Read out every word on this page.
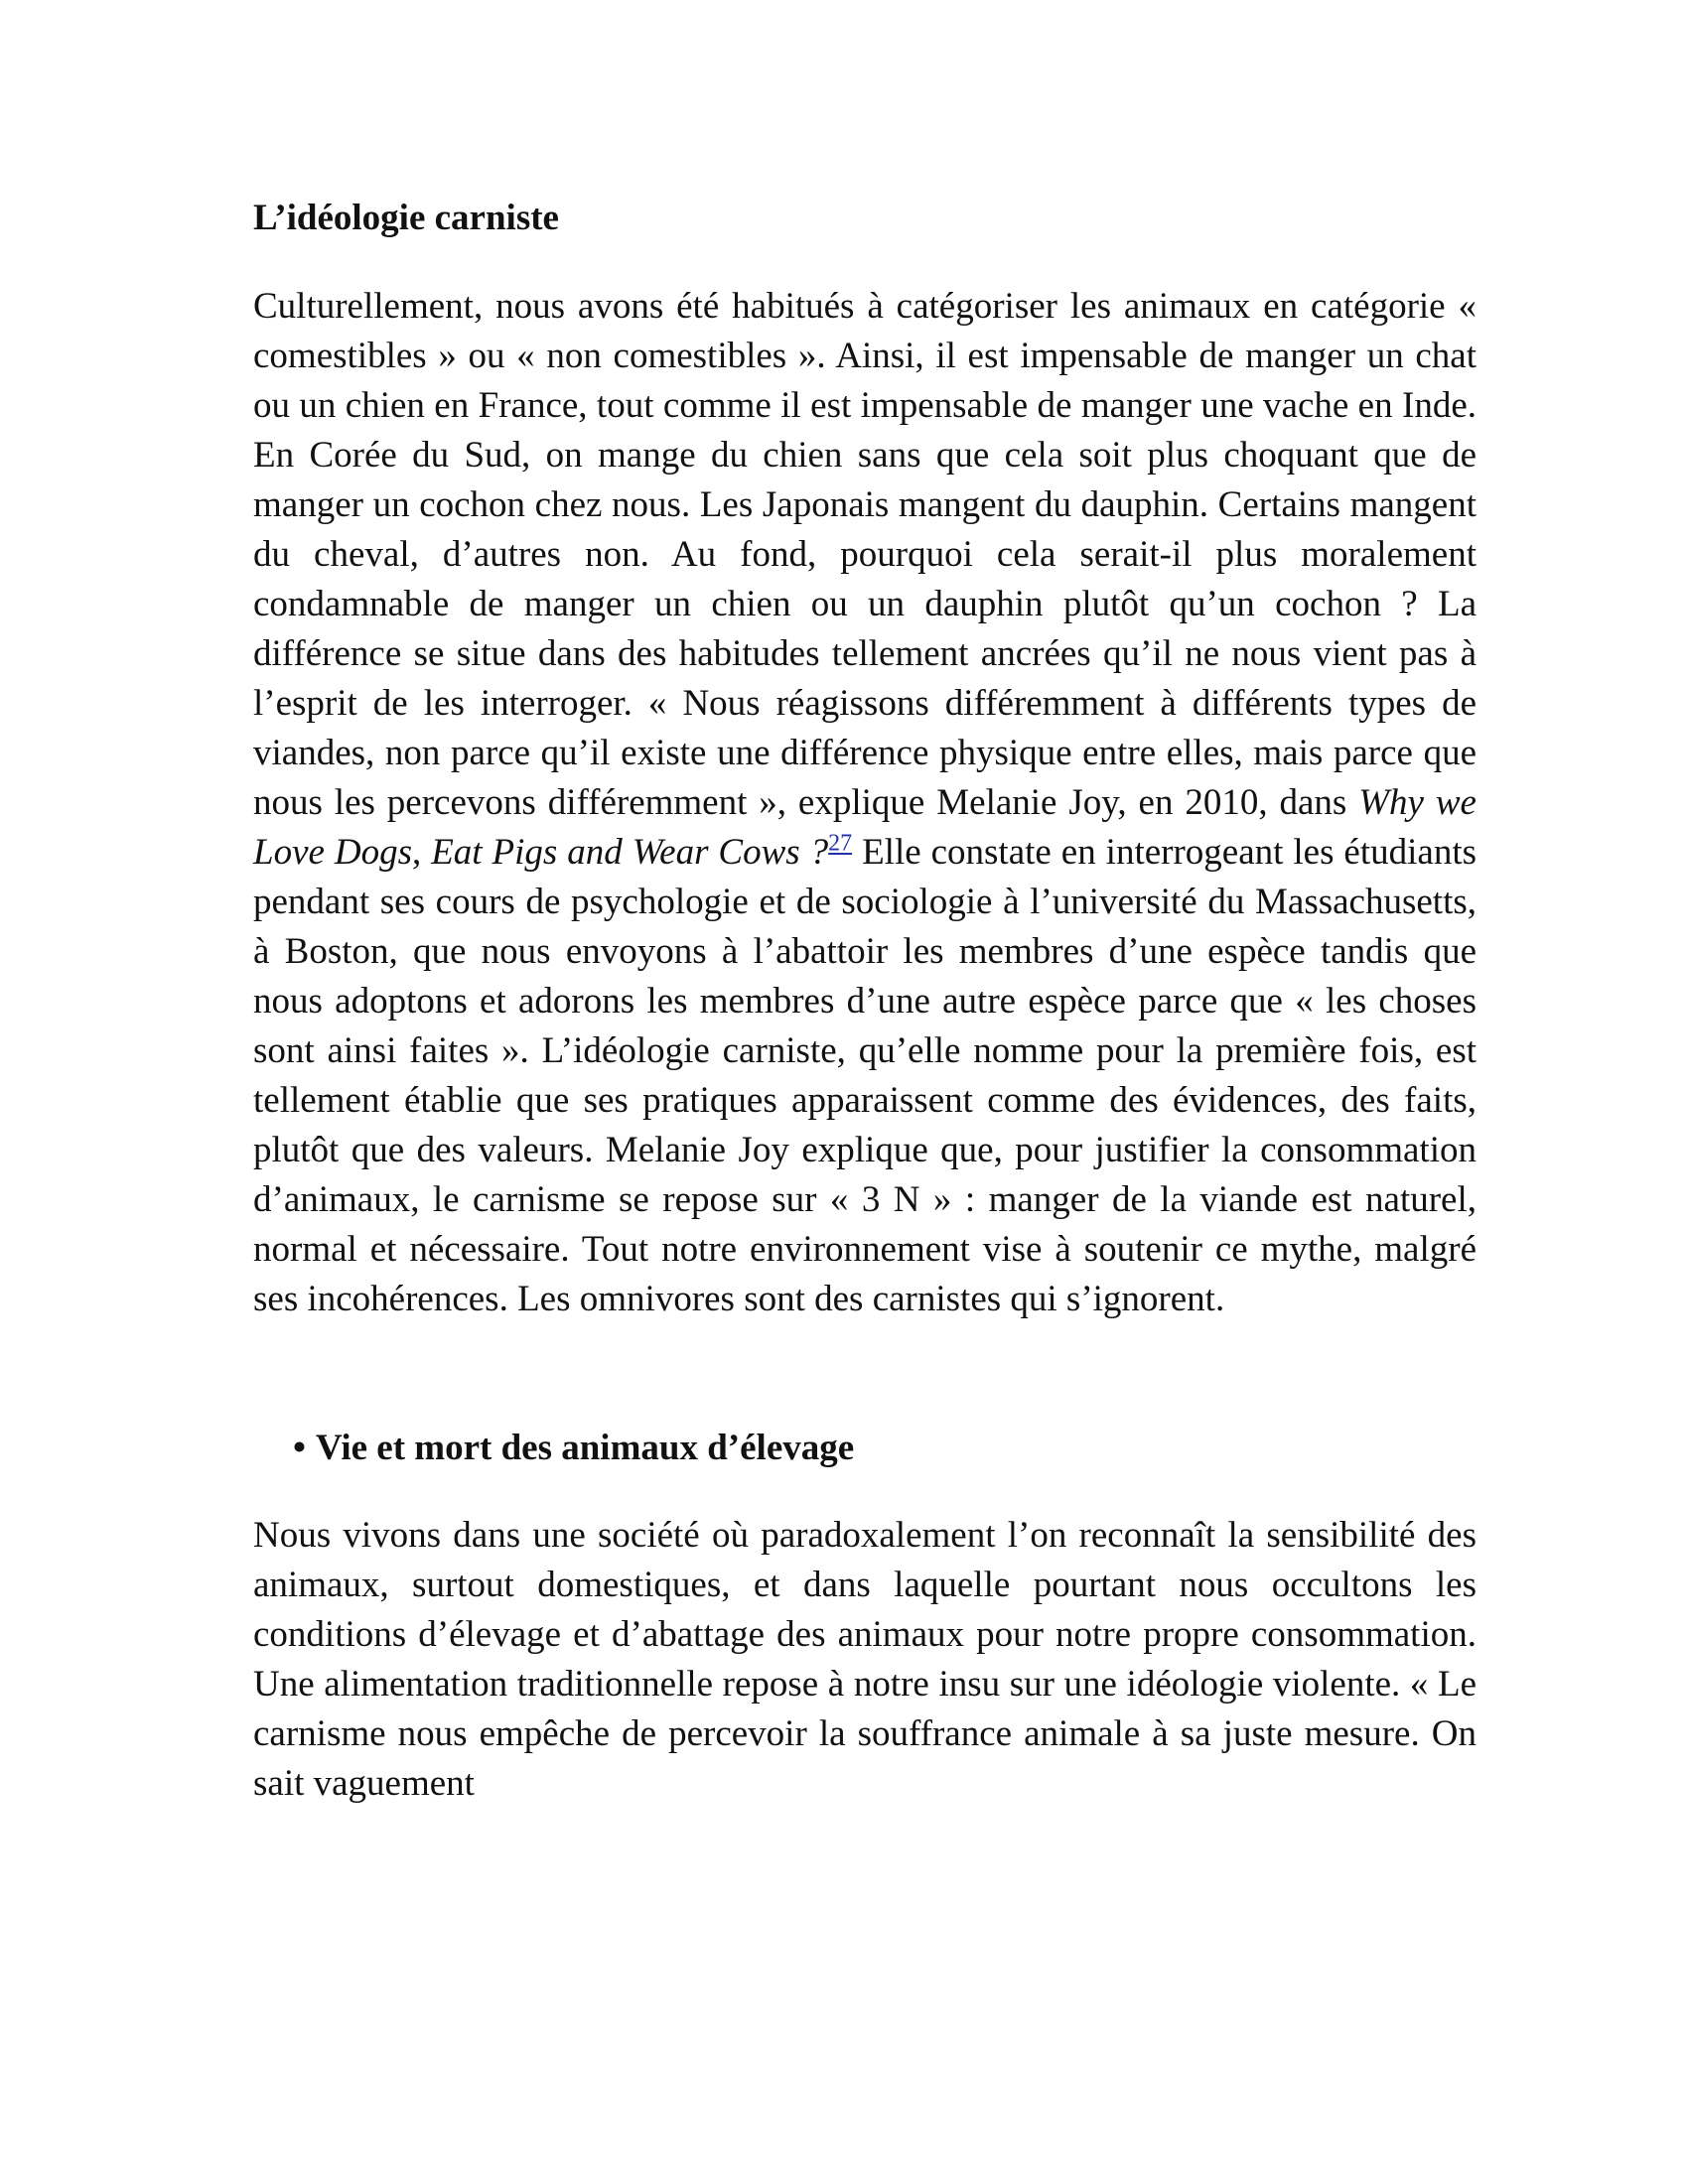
L’idéologie carniste

Culturellement, nous avons été habitués à catégoriser les animaux en catégorie « comestibles » ou « non comestibles ». Ainsi, il est impensable de manger un chat ou un chien en France, tout comme il est impensable de manger une vache en Inde. En Corée du Sud, on mange du chien sans que cela soit plus choquant que de manger un cochon chez nous. Les Japonais mangent du dauphin. Certains mangent du cheval, d’autres non. Au fond, pourquoi cela serait-il plus moralement condamnable de manger un chien ou un dauphin plutôt qu’un cochon ? La différence se situe dans des habitudes tellement ancrées qu’il ne nous vient pas à l’esprit de les interroger. « Nous réagissons différemment à différents types de viandes, non parce qu’il existe une différence physique entre elles, mais parce que nous les percevons différemment », explique Melanie Joy, en 2010, dans Why we Love Dogs, Eat Pigs and Wear Cows ?$^{27}$ Elle constate en interrogeant les étudiants pendant ses cours de psychologie et de sociologie à l’université du Massachusetts, à Boston, que nous envoyons à l’abattoir les membres d’une espèce tandis que nous adoptons et adorons les membres d’une autre espèce parce que « les choses sont ainsi faites ». L’idéologie carniste, qu’elle nomme pour la première fois, est tellement établie que ses pratiques apparaissent comme des évidences, des faits, plutôt que des valeurs. Melanie Joy explique que, pour justifier la consommation d’animaux, le carnisme se repose sur « 3 N » : manger de la viande est naturel, normal et nécessaire. Tout notre environnement vise à soutenir ce mythe, malgré ses incohérences. Les omnivores sont des carnistes qui s’ignorent.

• Vie et mort des animaux d’élevage

Nous vivons dans une société où paradoxalement l’on reconnaît la sensibilité des animaux, surtout domestiques, et dans laquelle pourtant nous occultons les conditions d’élevage et d’abattage des animaux pour notre propre consommation. Une alimentation traditionnelle repose à notre insu sur une idéologie violente. « Le carnisme nous empêche de percevoir la souffrance animale à sa juste mesure. On sait vaguement
